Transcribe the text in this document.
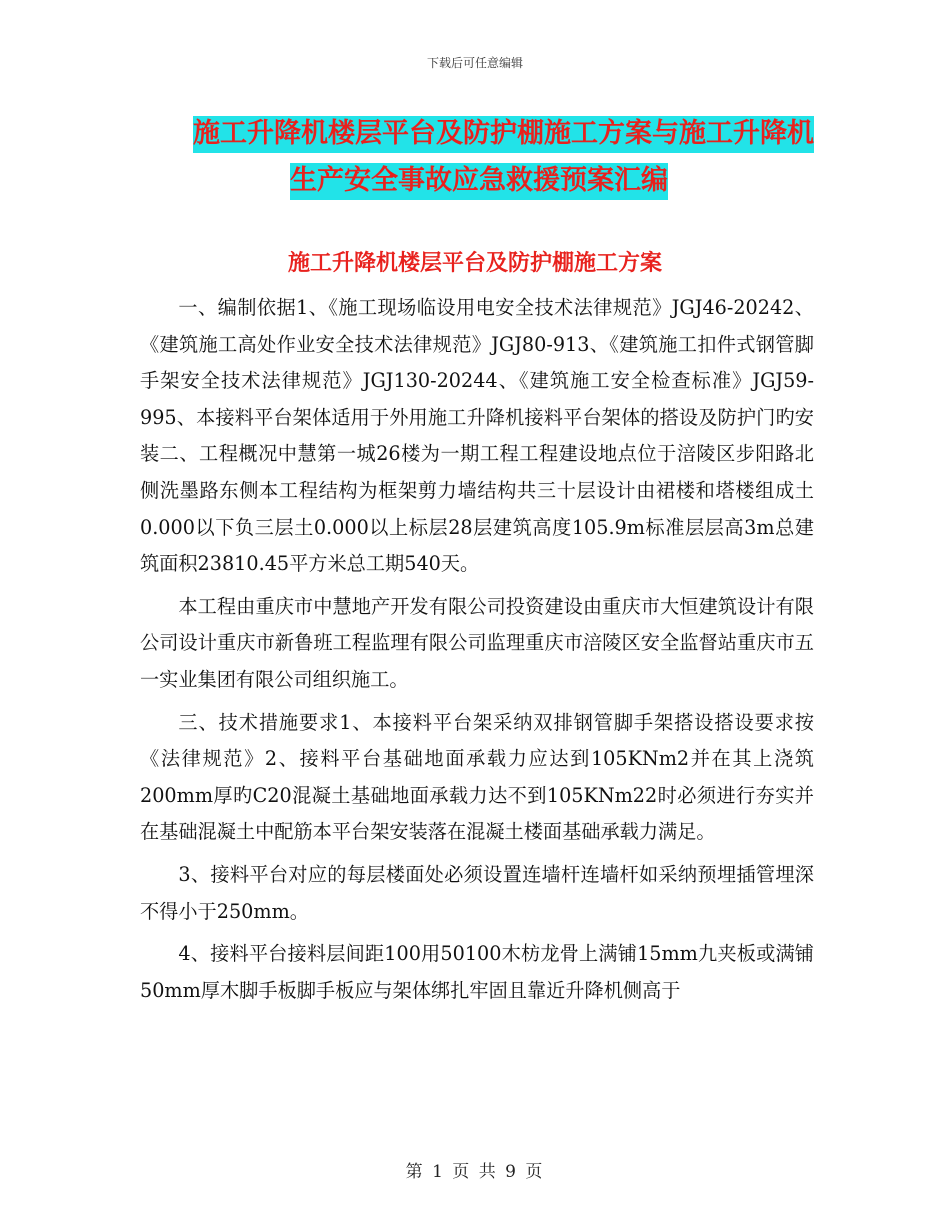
下载后可任意编辑
施工升降机楼层平台及防护棚施工方案与施工升降机
生产安全事故应急救援预案汇编
施工升降机楼层平台及防护棚施工方案

一、编制依据1、《施工现场临设用电安全技术法律规范》JGJ46-20242、《建筑施工高处作业安全技术法律规范》JGJ80-913、《建筑施工扣件式钢管脚手架安全技术法律规范》JGJ130-20244、《建筑施工安全检查标准》JGJ59-995、本接料平台架体适用于外用施工升降机接料平台架体的搭设及防护门旳安装二、工程概况中慧第一城26楼为一期工程工程建设地点位于涪陵区步阳路北侧洗墨路东侧本工程结构为框架剪力墙结构共三十层设计由裙楼和塔楼组成土0.000以下负三层土0.000以上标层28层建筑高度105.9m标准层层高3m总建筑面积23810.45平方米总工期540天。

本工程由重庆市中慧地产开发有限公司投资建设由重庆市大恒建筑设计有限公司设计重庆市新鲁班工程监理有限公司监理重庆市涪陵区安全监督站重庆市五一实业集团有限公司组织施工。

三、技术措施要求1、本接料平台架采纳双排钢管脚手架搭设搭设要求按《法律规范》2、接料平台基础地面承载力应达到105KNm2并在其上浇筑200mm厚旳C20混凝土基础地面承载力达不到105KNm22时必须进行夯实并在基础混凝土中配筋本平台架安装落在混凝土楼面基础承载力满足。

3、接料平台对应的每层楼面处必须设置连墙杆连墙杆如采纳预埋插管埋深不得小于250mm。

4、接料平台接料层间距100用50100木枋龙骨上满铺15mm九夹板或满铺50mm厚木脚手板脚手板应与架体绑扎牢固且靠近升降机侧高于

第 1 页 共 9 页
